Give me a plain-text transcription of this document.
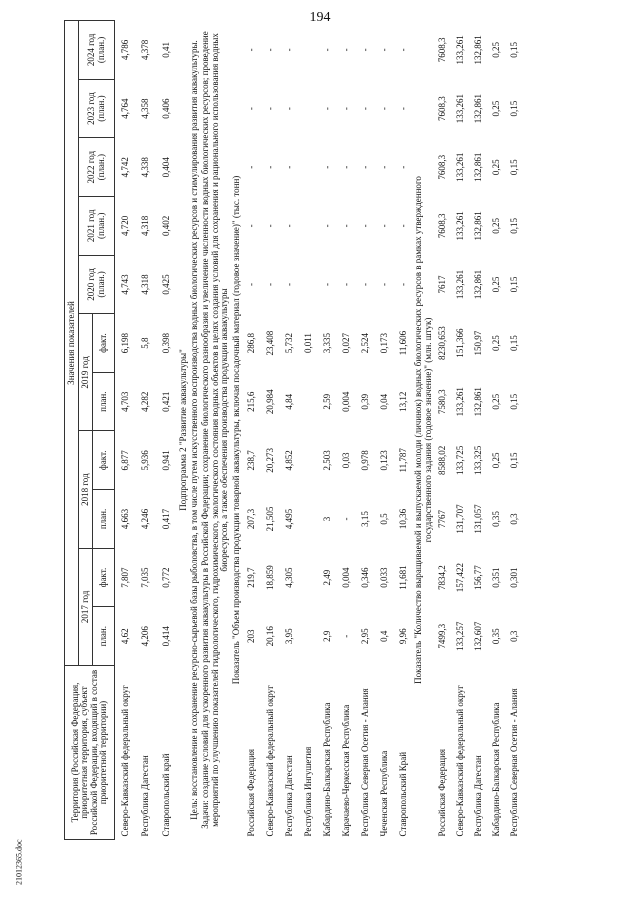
194
21012365.doc
Территория (Российская Федерация, приоритетная территория, субъект Российской Федерации, входящий в состав приоритетной территории)	Значения показателей										
	2017 год		2018 год		2019 год		2020 год (план.)	2021 год (план.)	2022 год (план.)	2023 год (план.)	2024 год (план.)
	план.	факт.	план.	факт.	план.	факт.					
Северо-Кавказский федеральный округ	4,62	7,807	4,663	6,877	4,703	6,198	4,743	4,720	4,742	4,764	4,786
Республика Дагестан	4,206	7,035	4,246	5,936	4,282	5,8	4,318	4,318	4,338	4,358	4,378
Ставропольский край	0,414	0,772	0,417	0,941	0,421	0,398	0,425	0,402	0,404	0,406	0,41
Подпрограмма 2 "Развитие аквакультуры"											
Цель: восстановление и сохранение ресурсно-сырьевой базы рыболовства, в том числе путем искусственного воспроизводства водных биологических ресурсов и стимулирования развития аквакультуры.											
Задачи: создание условий для ускоренного развития аквакультуры в Российской Федерации; сохранение биологического разнообразия и увеличение численности водных биологических ресурсов; проведение мероприятий по улучшению показателей гидрологического, гидрохимического, экологического состояния водных объектов в целях создания условий для сохранения и рационального использования водных биоресурсов, а также обеспечения производства продукции аквакультуры											
Показатель "Объем производства продукции товарной аквакультуры, включая посадочный материал (годовое значение)" (тыс. тонн)											
Российская Федерация	203	219,7	207,3	238,7	215,6	286,8	-	-	-	-	-
Северо-Кавказский федеральный округ	20,16	18,859	21,505	20,273	20,984	23,408	-	-	-	-	-
Республика Дагестан	3,95	4,305	4,495	4,852	4,84	5,732	-	-	-	-	-
Республика Ингушетия						0,011					
Кабардино-Балкарская Республика	2,9	2,49	3	2,503	2,59	3,335	-	-	-	-	-
Карачаево-Черкесская Республика	-	0,004	-	0,03	0,004	0,027	-	-	-	-	-
Республика Северная Осетия - Алания	2,95	0,346	3,15	0,978	0,39	2,524	-	-	-	-	-
Чеченская Республика	0,4	0,033	0,5	0,123	0,04	0,173	-	-	-	-	-
Ставропольский Край	9,96	11,681	10,36	11,787	13,12	11,606	-	-	-	-	-
Показатель "Количество выращиваемой и выпускаемой молоди (личинок) водных биологических ресурсов в рамках утвержденного государственного задания (годовое значение)" (млн. штук)											
Российская Федерация	7499,3	7834,2	7767	8588,02	7580,3	8230,653	7617	7608,3	7608,3	7608,3	7608,3
Северо-Кавказский федеральный округ	133,257	157,422	131,707	133,725	133,261	151,366	133,261	133,261	133,261	133,261	133,261
Республика Дагестан	132,607	156,77	131,057	133,325	132,861	150,97	132,861	132,861	132,861	132,861	132,861
Кабардино-Балкарская Республика	0,35	0,351	0,35	0,25	0,25	0,25	0,25	0,25	0,25	0,25	0,25
Республика Северная Осетия - Алания	0,3	0,301	0,3	0,15	0,15	0,15	0,15	0,15	0,15	0,15	0,15
